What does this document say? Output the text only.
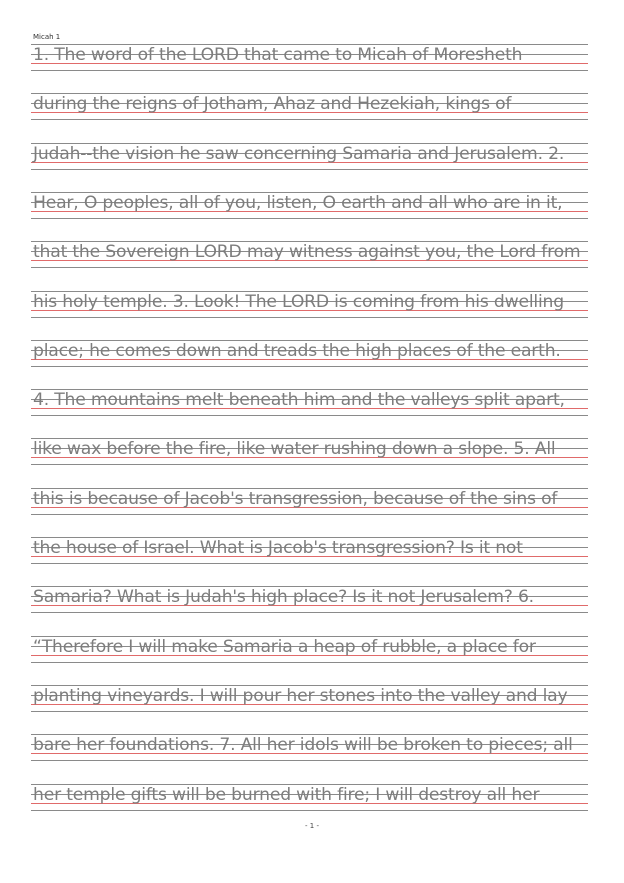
Micah 1
1. The word of the LORD that came to Micah of Moresheth
during the reigns of Jotham, Ahaz and Hezekiah, kings of
Judah--the vision he saw concerning Samaria and Jerusalem. 2.
Hear, O peoples, all of you, listen, O earth and all who are in it,
that the Sovereign LORD may witness against you, the Lord from
his holy temple. 3. Look! The LORD is coming from his dwelling
place; he comes down and treads the high places of the earth.
4. The mountains melt beneath him and the valleys split apart,
like wax before the fire, like water rushing down a slope. 5. All
this is because of Jacob's transgression, because of the sins of
the house of Israel. What is Jacob's transgression? Is it not
Samaria? What is Judah's high place? Is it not Jerusalem? 6.
“Therefore I will make Samaria a heap of rubble, a place for
planting vineyards. I will pour her stones into the valley and lay
bare her foundations. 7. All her idols will be broken to pieces; all
her temple gifts will be burned with fire; I will destroy all her
- 1 -
